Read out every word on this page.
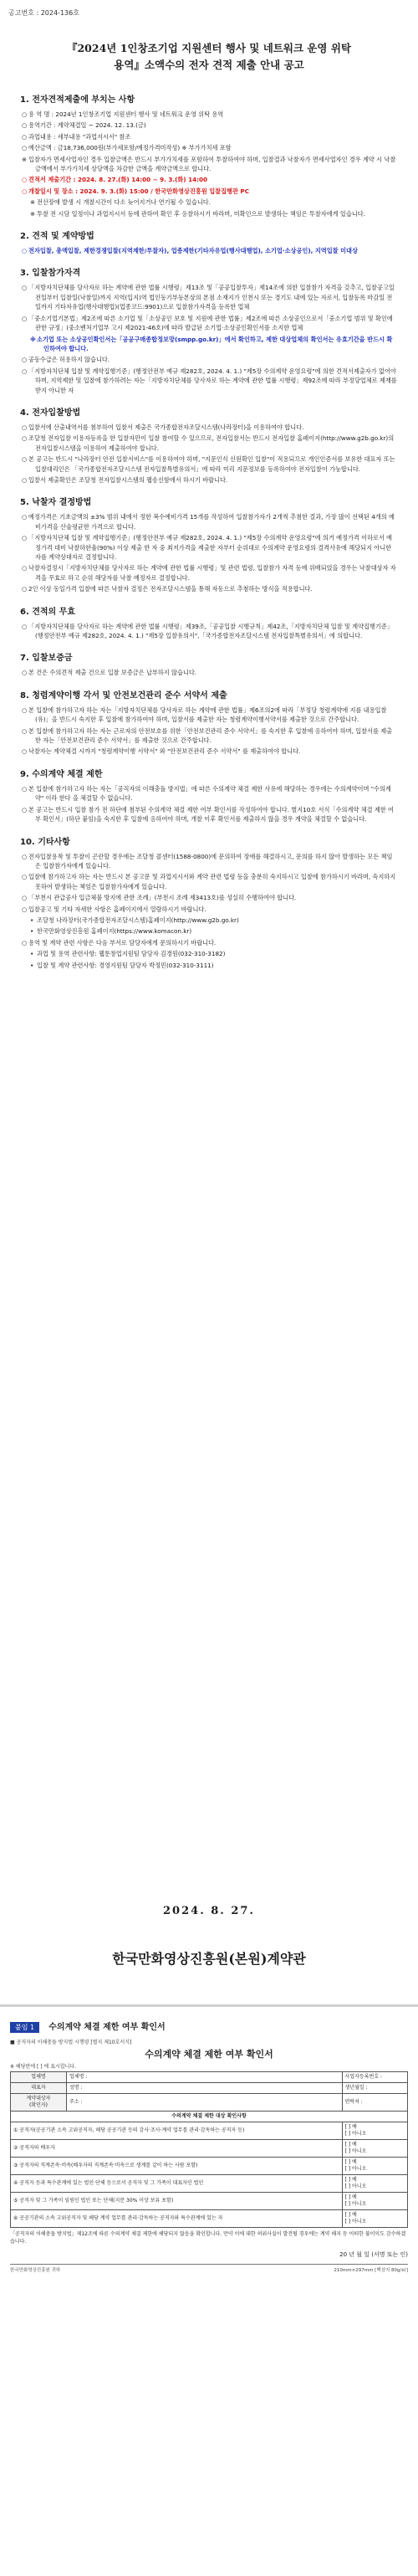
공고번호 : 2024-136호
『2024년 1인창조기업 지원센터 행사 및 네트워크 운영 위탁
용역』소액수의 전자 견적 제출 안내 공고
1. 전자견적제출에 부치는 사항
○ 용 역 명 : 2024년 1인창조기업 지원센터 행사 및 네트워크 운영 위탁 용역
○ 용역기간 : 계약체결일 ~ 2024. 12. 13.(금)
○ 과업내용 : 세부내용 "과업지시서" 참조
○ 예산금액 : 금18,736,000원(부가세포함/예정가격미작성) ※ 부가가치세 포함
※ 입찰자가 면세사업자인 경우 입찰금액은 반드시 부가가치세를 포함하여 투찰하여야 하며, 입찰결과 낙찰자가 면세사업자인 경우 계약 시 낙찰금액에서 부가가치세 상당액을 차감한 금액을 계약금액으로 합니다.
○ 견적서 제출기간 : 2024. 8. 27.(화) 14:00 ~ 9. 3.(화) 14:00
○ 개찰일시 및 장소 : 2024. 9. 3.(화) 15:00 / 한국만화영상진흥원 입찰집행관 PC
※ 전산장애 발생 시 개찰시간이 다소 늦어지거나 연기될 수 있습니다.
※ 투찰 전 시담 일정이나 과업지시서 등에 관하여 확인 후 응찰하시기 바라며, 미확인으로 발생하는 책임은 투찰자에게 있습니다.
2. 견적 및 계약방법
○ 전자입찰, 총액입찰, 제한경쟁입찰(지역제한/투찰자), 업종제한(기타자유업(행사대행업), 소기업·소상공인), 지역입찰 미대상
3. 입찰참가자격
○ 「지방자치단체를 당사자로 하는 계약에 관한 법률 시행령」제13조 및「공공입찰투자」제14조에 의한 입찰참가 자격을 갖추고, 입찰공고일 전일부터 입찰일(낙찰일)까지 지역(입지)역 법인등기부등본상의 본점 소재지가 인천시 또는 경기도 내에 있는 자로서, 입찰등록 마감일 전일까지 기타자유업(행사대행업)(업종코드:9901)으로 입찰참가자격을 등록한 업체
○ 「중소기업기본법」제2조에 따른 소기업 및「소상공인 보호 및 지원에 관한 법률」제2조에 따른 소상공인으로서「중소기업 범위 및 확인에 관한 규정」(중소벤처기업부 고시 제2021-46호)에 따라 발급된 소기업·소상공인확인서를 소지한 업체
※소기업 또는 소상공인확인서는「공공구매종합정보망(smpp.go.kr)」에서 확인하고, 제한 대상업체의 확인서는 유효기간을 반드시 확인하여야 합니다.
○ 공동수급은 허용하지 않습니다.
○ 「지방자치단체 입찰 및 계약집행기준」(행정안전부 예규 제282호, 2024. 4. 1.) "제5장 수의계약 운영요령"에 의한 견적서제출자가 없어야 하며, 지역제한 및 입찰에 참가하려는 자는「지방자치단체를 당사자로 하는 계약에 관한 법률 시행령」제92조에 따라 부정당업체로 제재를 받지 아니한 자
4. 전자입찰방법
○ 입찰서에 산출내역서를 첨부하여 입찰서 제출은 국가종합전자조달시스템(나라장터)을 이용하여야 합니다.
○ 조달청 전자입찰 이용자등록을 한 입찰자만이 입찰 참여할 수 있으므로, 전자입찰서는 반드시 전자입찰 홈페이지(http://www.g2b.go.kr)의 전자입찰시스템을 이용하여 제출하여야 합니다.
○ 본 공고는 반드시 "나라장터 안전 입찰서비스"를 이용하여야 하며, "지문인식 신원확인 입찰"이 적용되므로 개인인증서를 보유한 대표자 또는 입찰대리인은 「국가종합전자조달시스템 전자입찰특별유의서」에 따라 미리 지문정보를 등록하여야 전자입찰이 가능합니다.
○ 입찰서 제출확인은 조달청 전자입찰시스템의 웹송신함에서 하시기 바랍니다.
5. 낙찰자 결정방법
○ 예정가격은 기초금액의 ±3% 범위 내에서 정한 복수예비가격 15개를 작성하여 입찰참가자가 2개씩 추첨한 결과, 가장 많이 선택된 4개의 예비가격을 산술평균한 가격으로 합니다.
○ 「지방자치단체 입찰 및 계약집행기준」(행정안전부 예규 제282호, 2024. 4. 1.) "제5장 수의계약 운영요령"에 의거 예정가격 이하로서 예정가격 대비 낙찰하한율(90%) 이상 제출 한 자 중 최저가격을 제출한 자부터 순위대로 수의계약 운영요령의 결격사유에 해당되지 아니한 자를 계약상대자로 결정합니다.
○ 낙찰자결정시「지방자치단체를 당사자로 하는 계약에 관한 법률 시행령」및 관련 법령, 입찰참가 자격 등에 위배되었을 경우는 낙찰대상자 자격을 무효로 하고 순위 해당자를 낙찰 예정자로 결정합니다.
○ 2인 이상 동일가격 입찰에 따른 낙찰자 결정은 전자조달시스템을 통해 자동으로 추첨하는 방식을 적용합니다.
6. 견적의 무효
○ 「지방자치단체를 당사자로 하는 계약에 관한 법률 시행령」제39조,「공공입찰 시행규칙」제42조,「지방자치단체 입찰 및 계약집행기준」(행정안전부 예규 제282호, 2024. 4. 1.) "제5장 입찰유의서",「국가종합전자조달시스템 전자입찰특별유의서」에 의합니다.
7. 입찰보증금
○ 본 건은 수의견적 제출 건으로 입찰 보증금은 납부하지 않습니다.
8. 청렴계약이행 각서 및 안전보건관리 준수 서약서 제출
○ 본 입찰에 참가하고자 하는 자는「지방자치단체를 당사자로 하는 계약에 관한 법률」제6조의2에 따라「부정당 청렴계약에 지를 내용입찰(유)」을 반드시 숙지한 후 입찰에 참가하여야 하며, 입찰서를 제출한 자는 청렴계약이행서약서를 제출한 것으로 간주합니다.
○ 본 입찰에 참가하고자 하는 자는 근로자의 안전보호를 위한「안전보건관리 준수 서약서」를 숙지한 후 입찰에 응하여야 하며, 입찰서를 제출한 자는「안전보건관리 준수 서약서」를 제출한 것으로 간주합니다.
○ 낙찰자는 계약체결 시까지 "청렴계약이행 서약서" 와 "안전보건관리 준수 서약서" 를 제출하여야 합니다.
9. 수의계약 체결 제한
○ 본 입찰에 참가하고자 하는 자는「공직자의 이해충돌 방지법」에 따른 수의계약 체결 제한 사유에 해당하는 경우에는 수의계약이며 "수의계약" 이라 한다 을 체결할 수 없습니다.
○ 본 공고는 반드시 입찰 참가 전 하단에 첨부된 수의계약 체결 제한 여부 확인서를 작성하여야 합니다. 별지10호 서식「수의계약 체결 제한 여부 확인서」(하단 붙임)을 숙지한 후 입찰에 응하여야 하며, 개찰 이후 확인서를 제출하지 않을 경우 계약을 체결할 수 없습니다.
10. 기타사항
○ 전자입찰용착 및 투찰이 곤란할 경우에는 조달청 콜센터(1588-0800)에 문의하여 장애를 해결하시고, 문의를 하지 않아 발생하는 모든 책임은 입찰참가자에게 있습니다.
○ 입찰에 참가하고자 하는 자는 반드시 본 공고문 및 과업지시서와 계약 관련 법령 등을 충분히 숙지하시고 입찰에 참가하시기 바라며, 숙지하지 못하여 발생하는 책임은 입찰참가자에게 있습니다.
○ 「부천시 관급공사 입금체불 방지에 관한 조례」(부천시 조례 제3413호)를 성실히 수행하여야 합니다.
○ 입찰공고 및 기타 자세한 사항은 홈페이지에서 열람하시기 바랍니다.
• 조달청 나라장터(국가종합전자조달시스템)홈페이지(http://www.g2b.go.kr)
• 한국만화영상진흥원 홈페이지(https://www.komacon.kr)
○ 용역 및 계약 관련 사항은 다음 부서로 담당자에게 문의하시기 바랍니다.
• 과업 및 용역 관련사항: 웹툰창업지원팀 담당자 김경원(032-310-3182)
• 입찰 및 계약 관련사항: 경영지원팀 담당자 박정민(032-310-3111)
2024. 8. 27.
한국만화영상진흥원(본원)계약관
붙임 1 수의계약 체결 제한 여부 확인서
■ 공직자의 이해충돌 방지법 시행령 [별지 제10호서식]
수의계약 체결 제한 여부 확인서
※ 해당란에 [ ] 에 표시합니다.
업체명	업체명 :	사업자등록번호 :
대표자	성명 :	생년월일 :
계약대상자
(확인자)	주소 :	연락처 :
수의계약 체결 제한 대상 확인사항		
① 공직자(공공기관 소속 고위공직자, 해당 공공기관 등의 감사·조사·계약 업무를 관리·감독하는 공직자 등)		[ ] 예
[ ] 아니오

② 공직자의 배우자		[ ] 예
[ ] 아니오

③ 공직자의 직계존속·비속(배우자의 직계존속·비속으로 생계를 같이 하는 사람 포함)		[ ] 예
[ ] 아니오

④ 공직자 등과 특수관계에 있는 법인·단체 등으로서 공직자 및 그 가족이 대표자인 법인		[ ] 예
[ ] 아니오

⑤ 공직자 및 그 가족이 임원인 법인 또는 단체(지분 30% 이상 보유 포함)		[ ] 예
[ ] 아니오

⑥ 공공기관의 소속 고위공직자 및 해당 계약 업무를 관리·감독하는 공직자와 특수관계에 있는 자		[ ] 예
[ ] 아니오
「공직자의 이해충돌 방지법」제12조에 따른 수의계약 체결 제한에 해당되지 않음을 확인합니다. 만약 이에 대한 허위사실이 발견될 경우에는 계약 해지 등 어떠한 불이익도 감수하겠습니다.
20 년 월 일 (서명 또는 인)
한국만화영상진흥원 귀하	210mm×297mm [백상지 80g/㎡]
